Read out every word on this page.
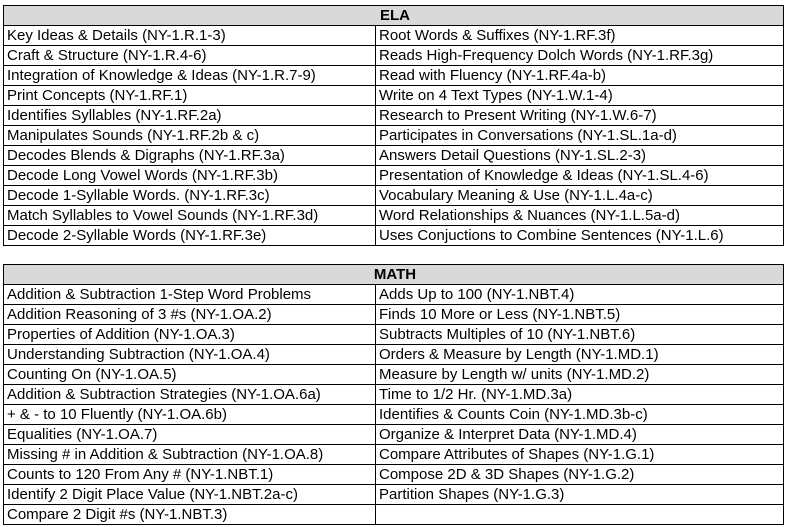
ELA	
Key Ideas & Details (NY-1.R.1-3)	Root Words & Suffixes (NY-1.RF.3f)
Craft & Structure (NY-1.R.4-6)	Reads High-Frequency Dolch Words (NY-1.RF.3g)
Integration of Knowledge & Ideas (NY-1.R.7-9)	Read with Fluency (NY-1.RF.4a-b)
Print Concepts (NY-1.RF.1)	Write on 4 Text Types (NY-1.W.1-4)
Identifies Syllables (NY-1.RF.2a)	Research to Present Writing (NY-1.W.6-7)
Manipulates Sounds (NY-1.RF.2b & c)	Participates in Conversations (NY-1.SL.1a-d)
Decodes Blends & Digraphs (NY-1.RF.3a)	Answers Detail Questions (NY-1.SL.2-3)
Decode Long Vowel Words (NY-1.RF.3b)	Presentation of Knowledge & Ideas (NY-1.SL.4-6)
Decode 1-Syllable Words. (NY-1.RF.3c)	Vocabulary Meaning & Use (NY-1.L.4a-c)
Match Syllables to Vowel Sounds (NY-1.RF.3d)	Word Relationships & Nuances (NY-1.L.5a-d)
Decode 2-Syllable Words (NY-1.RF.3e)	Uses Conjuctions to Combine Sentences (NY-1.L.6)
MATH	
Addition & Subtraction 1-Step Word Problems	Adds Up to 100 (NY-1.NBT.4)
Addition Reasoning of 3 #s (NY-1.OA.2)	Finds 10 More or Less (NY-1.NBT.5)
Properties of Addition (NY-1.OA.3)	Subtracts Multiples of 10 (NY-1.NBT.6)
Understanding Subtraction (NY-1.OA.4)	Orders & Measure by Length (NY-1.MD.1)
Counting On (NY-1.OA.5)	Measure by Length w/ units (NY-1.MD.2)
Addition & Subtraction Strategies (NY-1.OA.6a)	Time to 1/2 Hr. (NY-1.MD.3a)
+ & - to 10 Fluently (NY-1.OA.6b)	Identifies & Counts Coin (NY-1.MD.3b-c)
Equalities (NY-1.OA.7)	Organize & Interpret Data (NY-1.MD.4)
Missing # in Addition & Subtraction (NY-1.OA.8)	Compare Attributes of Shapes (NY-1.G.1)
Counts to 120 From Any # (NY-1.NBT.1)	Compose 2D & 3D Shapes (NY-1.G.2)
Identify 2 Digit Place Value (NY-1.NBT.2a-c)	Partition Shapes (NY-1.G.3)
Compare 2 Digit #s (NY-1.NBT.3)	
